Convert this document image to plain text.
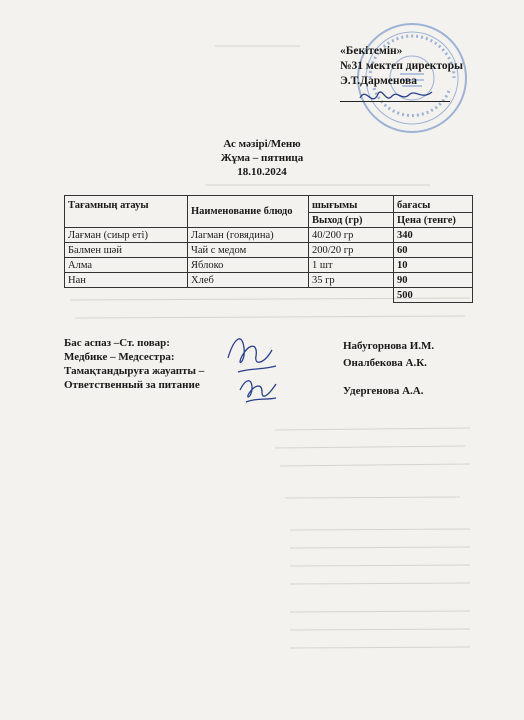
«Бекітемін»
№31 мектеп директоры
Э.Т.Дарменова
Ас мәзірі/Меню
Жұма – пятница
18.10.2024
Тағамның атауы	Наименование блюдо	шығымы	бағасы
		Выход (гр)	Цена (тенге)
Лағман (сиыр еті)	Лагман (говядина)	40/200 гр	340
Балмен шәй	Чай с медом	200/20 гр	60
Алма	Яблоко	1 шт	10
Нан	Хлеб	35 гр	90
			500
Бас аспаз –Ст. повар:
Медбике – Медсестра:
Тамақтандыруға жауапты –
Ответственный за питание
Набугорнова И.М.
Оналбекова А.К.
Удергенова А.А.
